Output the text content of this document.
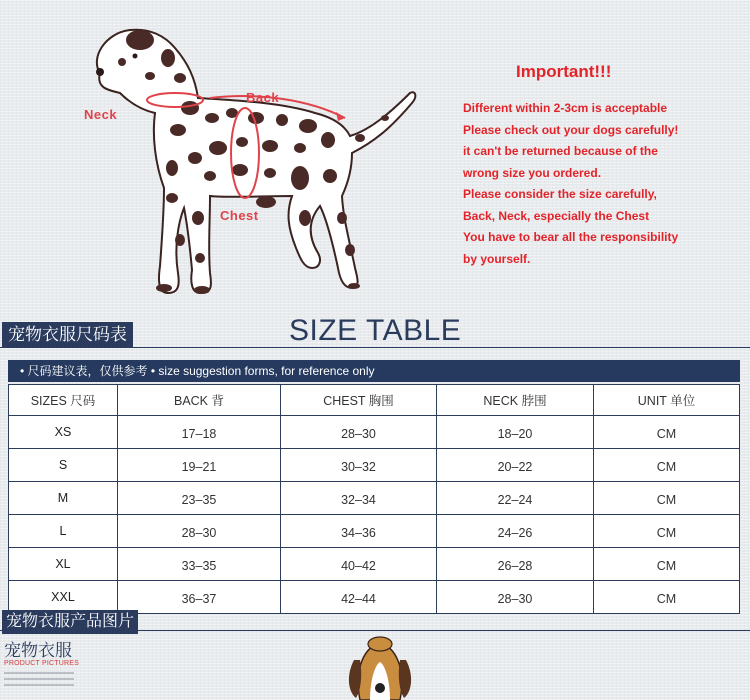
Neck
Back
Chest
Important!!!
Different within 2-3cm is acceptable
Please check out your dogs carefully!
it can't be returned because of the
wrong size you ordered.
Please consider the size carefully,
Back, Neck, especially the Chest
You have to bear all the responsibility
by yourself.
宠物衣服尺码表	SIZE TABLE
• 尺码建议表，仅供参考 • size suggestion forms, for reference only
SIZES 尺码	BACK 背	CHEST 胸围	NECK 脖围	UNIT 单位
XS	17–18	28–30	18–20	CM
S	19–21	30–32	20–22	CM
M	23–35	32–34	22–24	CM
L	28–30	34–36	24–26	CM
XL	33–35	40–42	26–28	CM
XXL	36–37	42–44	28–30	CM
宠物衣服产品图片
宠物衣服
PRODUCT PICTURES
